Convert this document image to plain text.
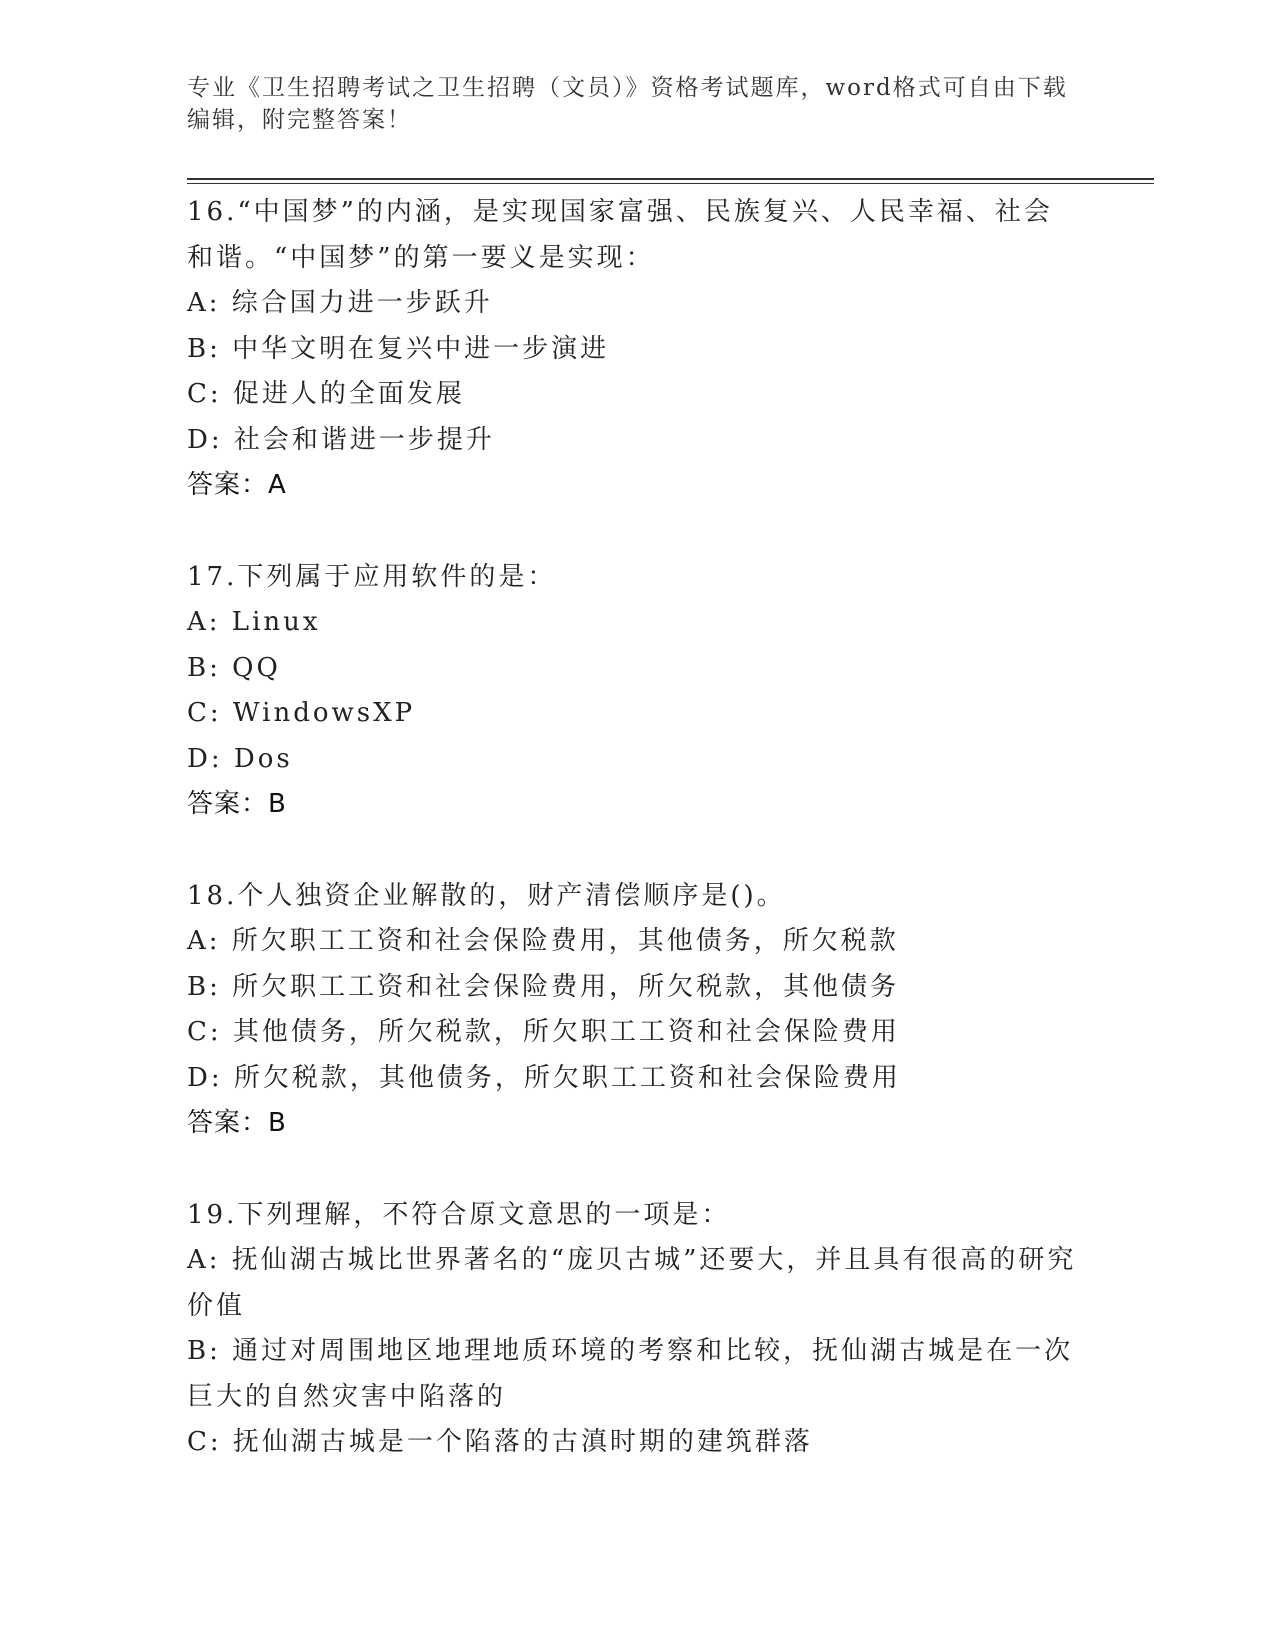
专业《卫生招聘考试之卫生招聘（文员）》资格考试题库，word格式可自由下载
编辑，附完整答案！
16.“中国梦”的内涵，是实现国家富强、民族复兴、人民幸福、社会和谐。“中国梦”的第一要义是实现：
A: 综合国力进一步跃升
B: 中华文明在复兴中进一步演进
C: 促进人的全面发展
D: 社会和谐进一步提升
答案：A
17.下列属于应用软件的是：
A: Linux
B: QQ
C: WindowsXP
D: Dos
答案：B
18.个人独资企业解散的，财产清偿顺序是()。
A: 所欠职工工资和社会保险费用，其他债务，所欠税款
B: 所欠职工工资和社会保险费用，所欠税款，其他债务
C: 其他债务，所欠税款，所欠职工工资和社会保险费用
D: 所欠税款，其他债务，所欠职工工资和社会保险费用
答案：B
19.下列理解，不符合原文意思的一项是：
A: 抚仙湖古城比世界著名的“庞贝古城”还要大，并且具有很高的研究价值
B: 通过对周围地区地理地质环境的考察和比较，抚仙湖古城是在一次巨大的自然灾害中陷落的
C: 抚仙湖古城是一个陷落的古滇时期的建筑群落
